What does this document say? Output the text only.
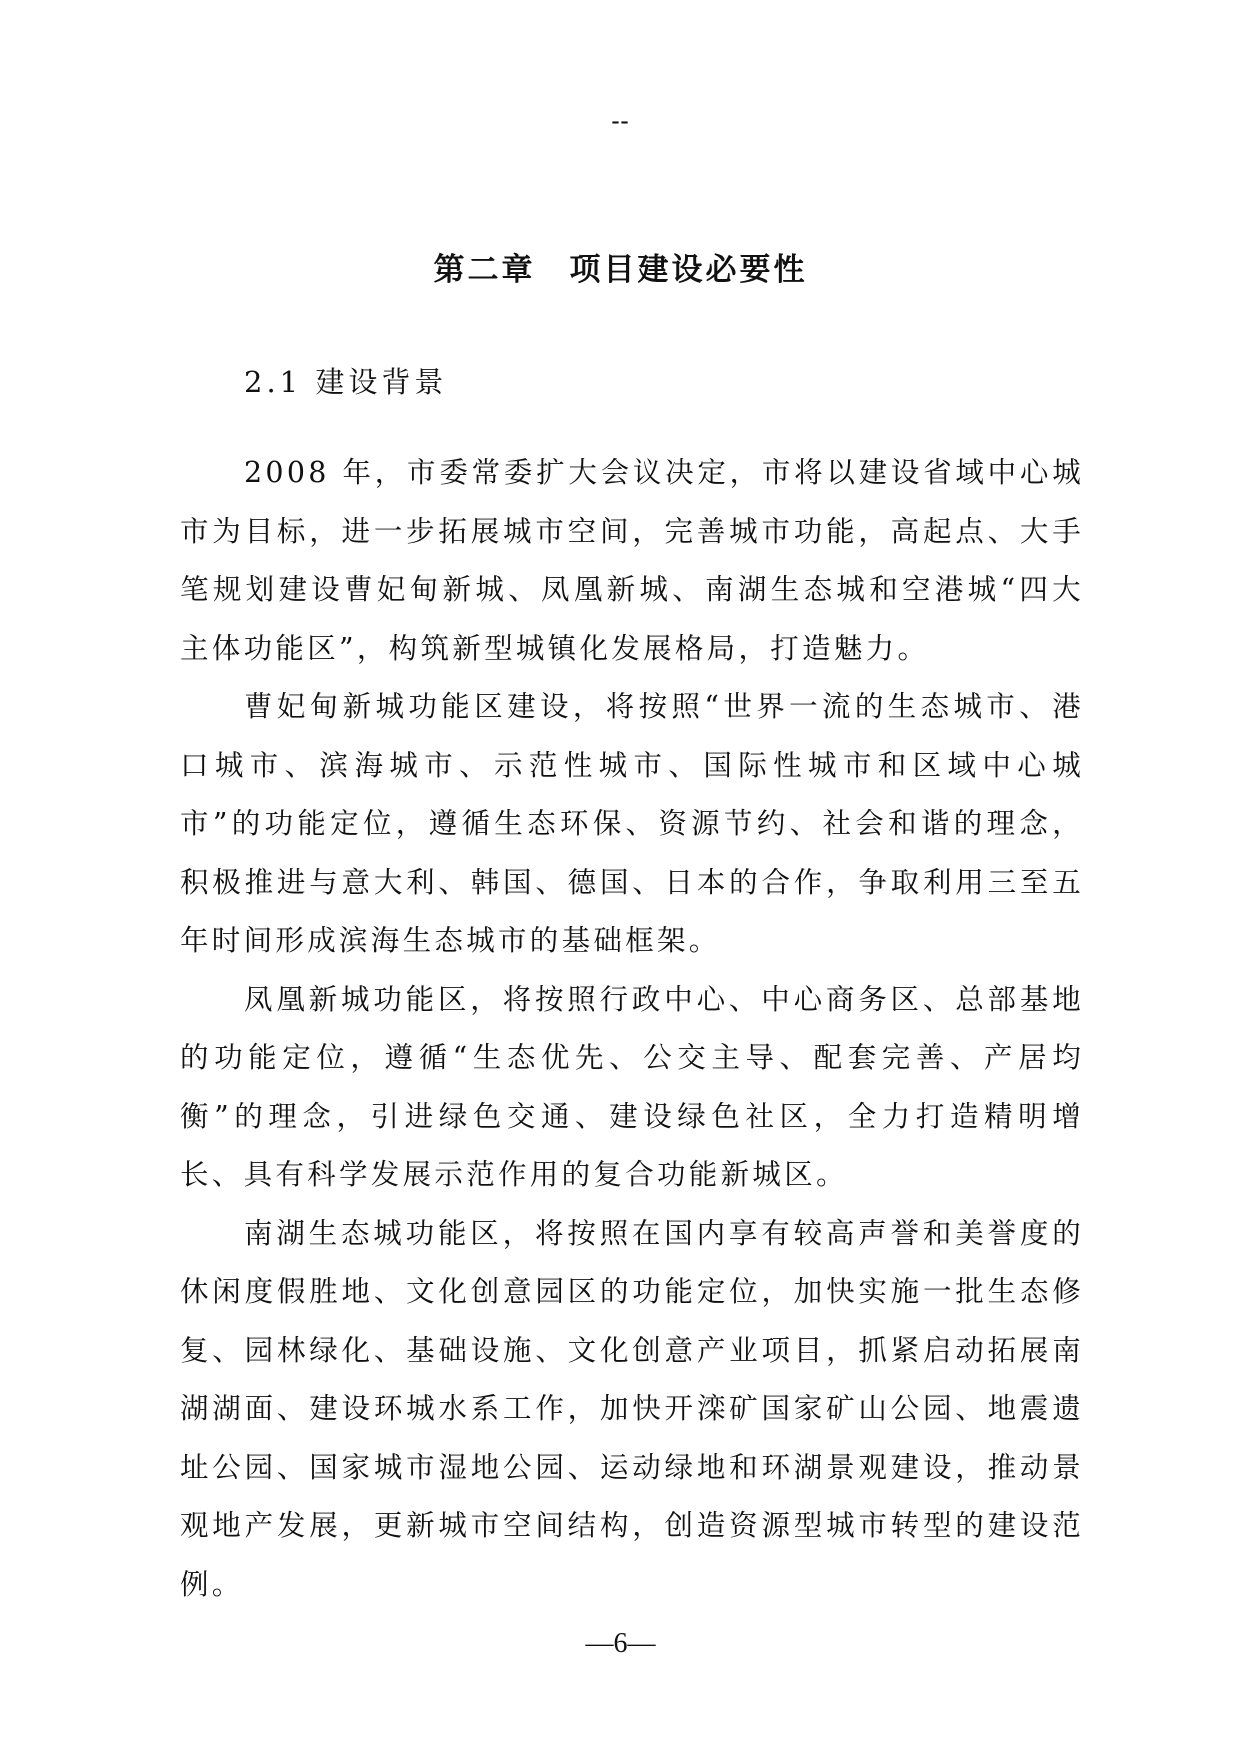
--
第二章　项目建设必要性
2.1 建设背景

2008 年，市委常委扩大会议决定，市将以建设省域中心城市为目标，进一步拓展城市空间，完善城市功能，高起点、大手笔规划建设曹妃甸新城、凤凰新城、南湖生态城和空港城“四大主体功能区”，构筑新型城镇化发展格局，打造魅力。

曹妃甸新城功能区建设，将按照“世界一流的生态城市、港口城市、滨海城市、示范性城市、国际性城市和区域中心城市”的功能定位，遵循生态环保、资源节约、社会和谐的理念，积极推进与意大利、韩国、德国、日本的合作，争取利用三至五年时间形成滨海生态城市的基础框架。

凤凰新城功能区，将按照行政中心、中心商务区、总部基地的功能定位，遵循“生态优先、公交主导、配套完善、产居均衡”的理念，引进绿色交通、建设绿色社区，全力打造精明增长、具有科学发展示范作用的复合功能新城区。

南湖生态城功能区，将按照在国内享有较高声誉和美誉度的休闲度假胜地、文化创意园区的功能定位，加快实施一批生态修复、园林绿化、基础设施、文化创意产业项目，抓紧启动拓展南湖湖面、建设环城水系工作，加快开滦矿国家矿山公园、地震遗址公园、国家城市湿地公园、运动绿地和环湖景观建设，推动景观地产发展，更新城市空间结构，创造资源型城市转型的建设范例。

—6—
